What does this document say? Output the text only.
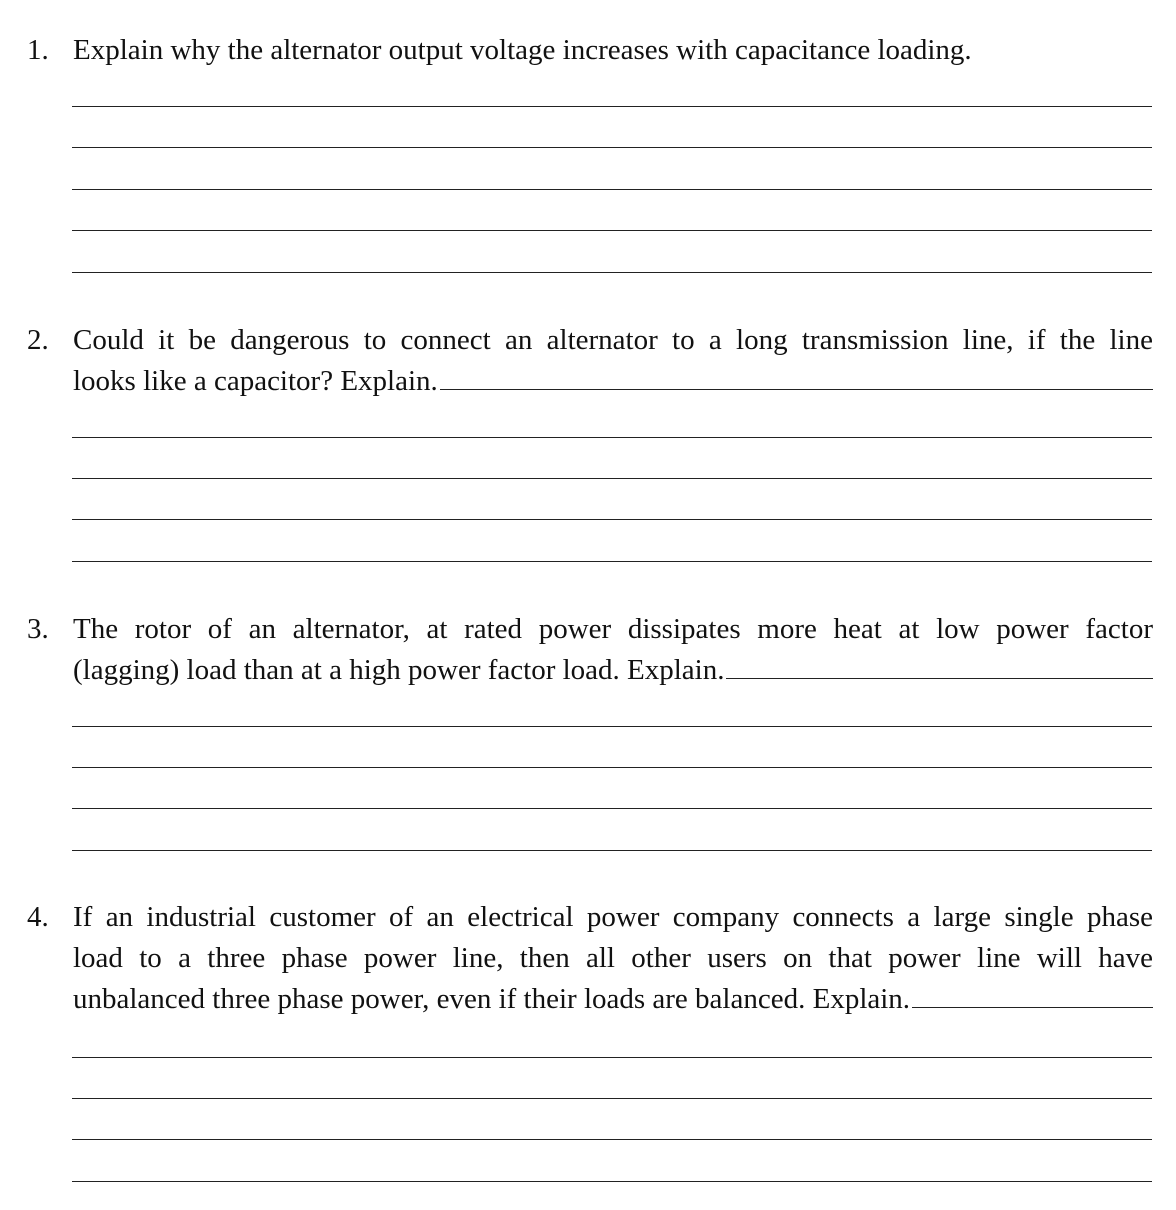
1. Explain why the alternator output voltage increases with capacitance loading.

2. Could it be dangerous to connect an alternator to a long transmission line, if the line
looks like a capacitor? Explain.

3. The rotor of an alternator, at rated power dissipates more heat at low power factor
(lagging) load than at a high power factor load. Explain.

4. If an industrial customer of an electrical power company connects a large single phase
load to a three phase power line, then all other users on that power line will have
unbalanced three phase power, even if their loads are balanced. Explain.
